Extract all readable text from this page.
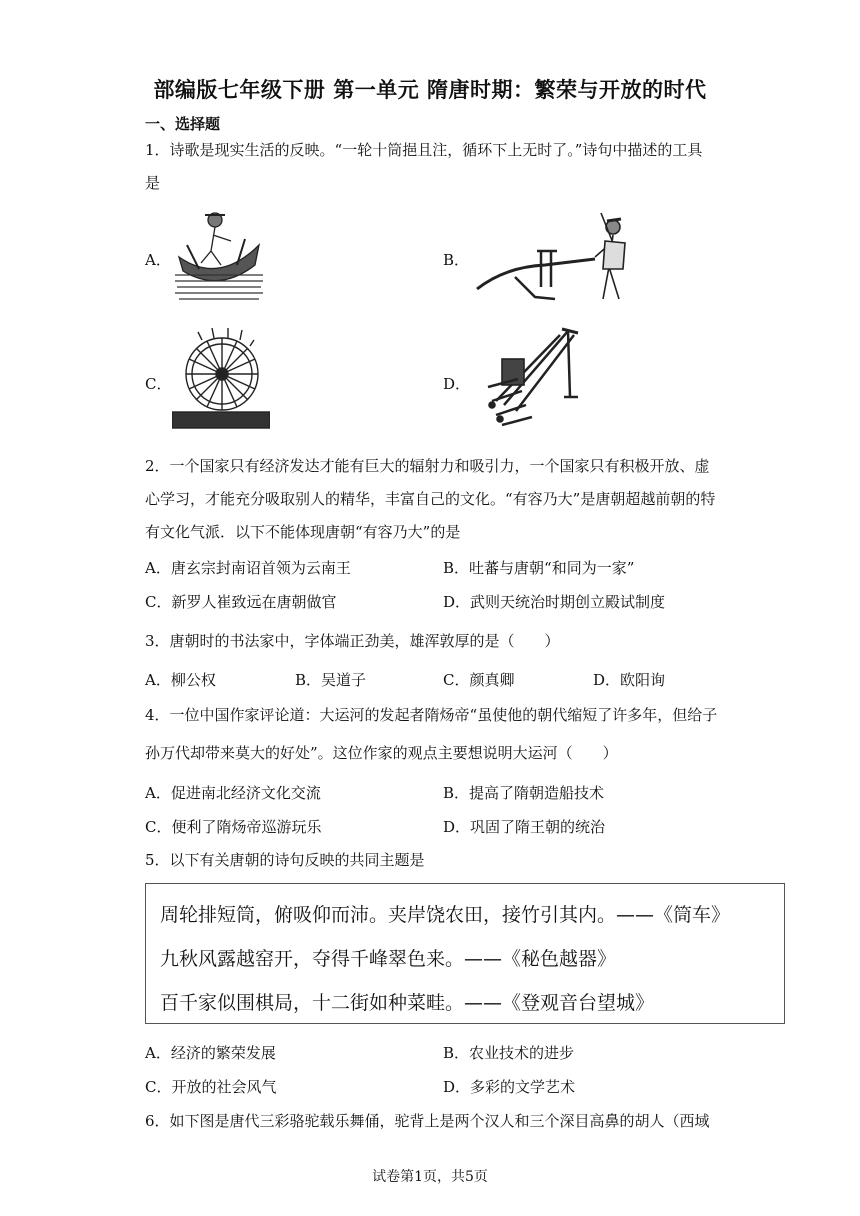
部编版七年级下册 第一单元 隋唐时期：繁荣与开放的时代
一、选择题
1．诗歌是现实生活的反映。“一轮十筒挹且注，循环下上无时了。”诗句中描述的工具
是
A．	B．
C．	D．
2．一个国家只有经济发达才能有巨大的辐射力和吸引力，一个国家只有积极开放、虚
心学习，才能充分吸取别人的精华，丰富自己的文化。“有容乃大”是唐朝超越前朝的特
有文化气派．以下不能体现唐朝“有容乃大”的是
A．唐玄宗封南诏首领为云南王	B．吐蕃与唐朝“和同为一家”
C．新罗人崔致远在唐朝做官	D．武则天统治时期创立殿试制度
3．唐朝时的书法家中，字体端正劲美，雄浑敦厚的是（　　）
A．柳公权	B．吴道子	C．颜真卿	D．欧阳询
4．一位中国作家评论道：大运河的发起者隋炀帝“虽使他的朝代缩短了许多年，但给子
孙万代却带来莫大的好处”。这位作家的观点主要想说明大运河（　　）
A．促进南北经济文化交流	B．提高了隋朝造船技术
C．便利了隋炀帝巡游玩乐	D．巩固了隋王朝的统治
5．以下有关唐朝的诗句反映的共同主题是
周轮排短筒，俯吸仰而沛。夹岸饶农田，接竹引其内。——《筒车》
九秋风露越窑开，夺得千峰翠色来。——《秘色越器》
百千家似围棋局，十二街如种菜畦。——《登观音台望城》
A．经济的繁荣发展	B．农业技术的进步
C．开放的社会风气	D．多彩的文学艺术
6．如下图是唐代三彩骆驼载乐舞俑，驼背上是两个汉人和三个深目高鼻的胡人（西域
试卷第1页，共5页
